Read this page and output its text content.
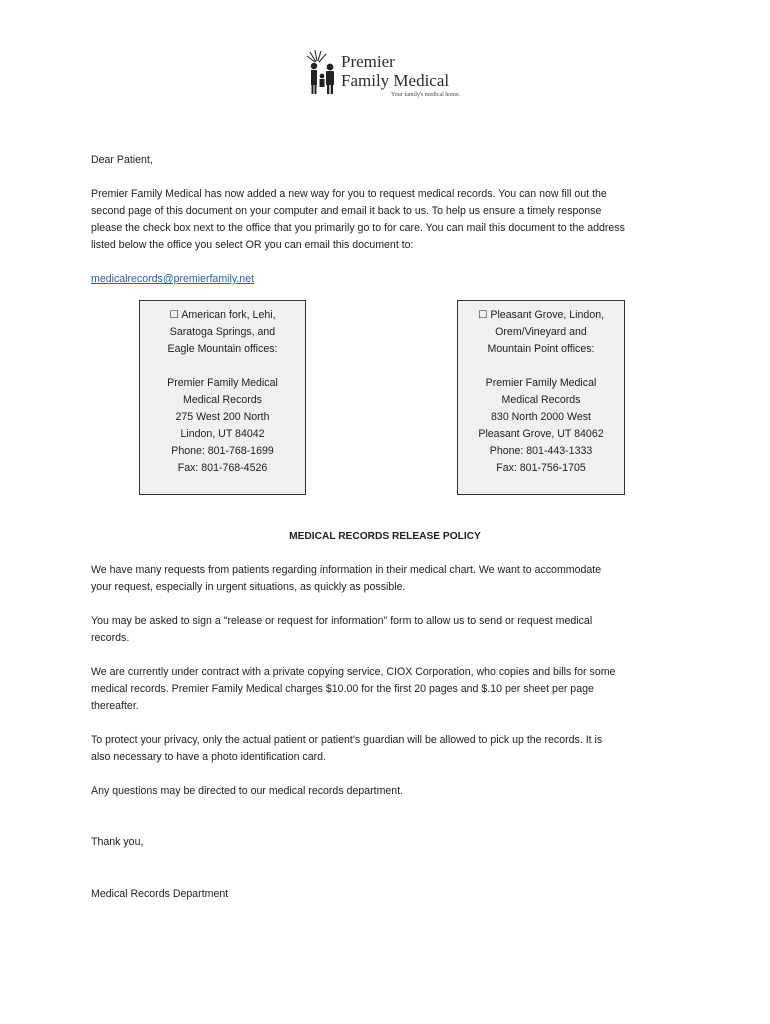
Premier
Family Medical
Your family's medical home.

Dear Patient,

Premier Family Medical has now added a new way for you to request medical records. You can now fill out the
second page of this document on your computer and email it back to us. To help us ensure a timely response
please the check box next to the office that you primarily go to for care. You can mail this document to the address
listed below the office you select OR you can email this document to:
medicalrecords@premierfamily.net
☐ American fork, Lehi,
Saratoga Springs, and
Eagle Mountain offices:
Premier Family Medical
Medical Records
275 West 200 North
Lindon, UT 84042
Phone: 801-768-1699
Fax: 801-768-4526
☐ Pleasant Grove, Lindon,
Orem/Vineyard and
Mountain Point offices:
Premier Family Medical
Medical Records
830 North 2000 West
Pleasant Grove, UT 84062
Phone: 801-443-1333
Fax: 801-756-1705
MEDICAL RECORDS RELEASE POLICY
We have many requests from patients regarding information in their medical chart. We want to accommodate
your request, especially in urgent situations, as quickly as possible.
You may be asked to sign a "release or request for information" form to allow us to send or request medical
records.
We are currently under contract with a private copying service, CIOX Corporation, who copies and bills for some
medical records. Premier Family Medical charges $10.00 for the first 20 pages and $.10 per sheet per page
thereafter.
To protect your privacy, only the actual patient or patient's guardian will be allowed to pick up the records. It is
also necessary to have a photo identification card.

Any questions may be directed to our medical records department.

Thank you,

Medical Records Department
